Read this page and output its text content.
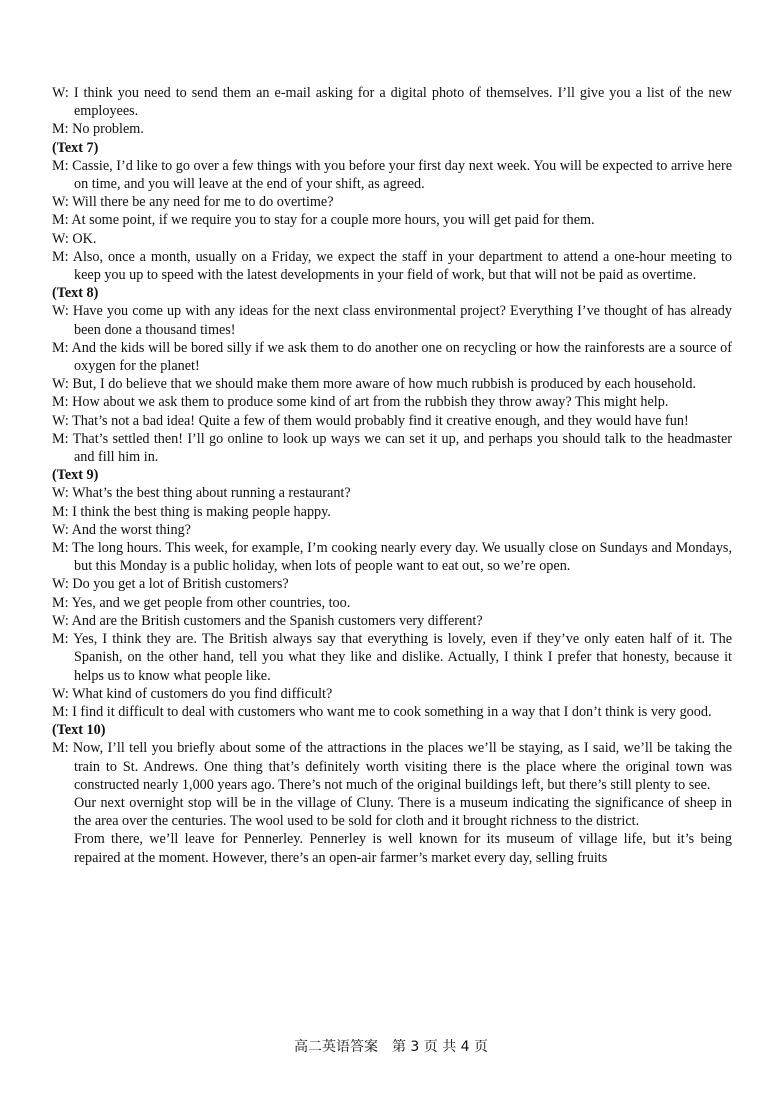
W: I think you need to send them an e-mail asking for a digital photo of themselves. I’ll give you a list of the new employees.

M: No problem.

(Text 7)

M: Cassie, I’d like to go over a few things with you before your first day next week. You will be expected to arrive here on time, and you will leave at the end of your shift, as agreed.

W: Will there be any need for me to do overtime?

M: At some point, if we require you to stay for a couple more hours, you will get paid for them.

W: OK.

M: Also, once a month, usually on a Friday, we expect the staff in your department to attend a one-hour meeting to keep you up to speed with the latest developments in your field of work, but that will not be paid as overtime.

(Text 8)

W: Have you come up with any ideas for the next class environmental project? Everything I’ve thought of has already been done a thousand times!

M: And the kids will be bored silly if we ask them to do another one on recycling or how the rainforests are a source of oxygen for the planet!

W: But, I do believe that we should make them more aware of how much rubbish is produced by each household.

M: How about we ask them to produce some kind of art from the rubbish they throw away? This might help.

W: That’s not a bad idea! Quite a few of them would probably find it creative enough, and they would have fun!

M: That’s settled then! I’ll go online to look up ways we can set it up, and perhaps you should talk to the headmaster and fill him in.

(Text 9)

W: What’s the best thing about running a restaurant?

M: I think the best thing is making people happy.

W: And the worst thing?

M: The long hours. This week, for example, I’m cooking nearly every day. We usually close on Sundays and Mondays, but this Monday is a public holiday, when lots of people want to eat out, so we’re open.

W: Do you get a lot of British customers?

M: Yes, and we get people from other countries, too.

W: And are the British customers and the Spanish customers very different?

M: Yes, I think they are. The British always say that everything is lovely, even if they’ve only eaten half of it. The Spanish, on the other hand, tell you what they like and dislike. Actually, I think I prefer that honesty, because it helps us to know what people like.

W: What kind of customers do you find difficult?

M: I find it difficult to deal with customers who want me to cook something in a way that I don’t think is very good.

(Text 10)

M: Now, I’ll tell you briefly about some of the attractions in the places we’ll be staying, as I said, we’ll be taking the train to St. Andrews. One thing that’s definitely worth visiting there is the place where the original town was constructed nearly 1,000 years ago. There’s not much of the original buildings left, but there’s still plenty to see.

Our next overnight stop will be in the village of Cluny. There is a museum indicating the significance of sheep in the area over the centuries. The wool used to be sold for cloth and it brought richness to the district.

From there, we’ll leave for Pennerley. Pennerley is well known for its museum of village life, but it’s being repaired at the moment. However, there’s an open-air farmer’s market every day, selling fruits

高二英语答案　第 3 页 共 4 页
